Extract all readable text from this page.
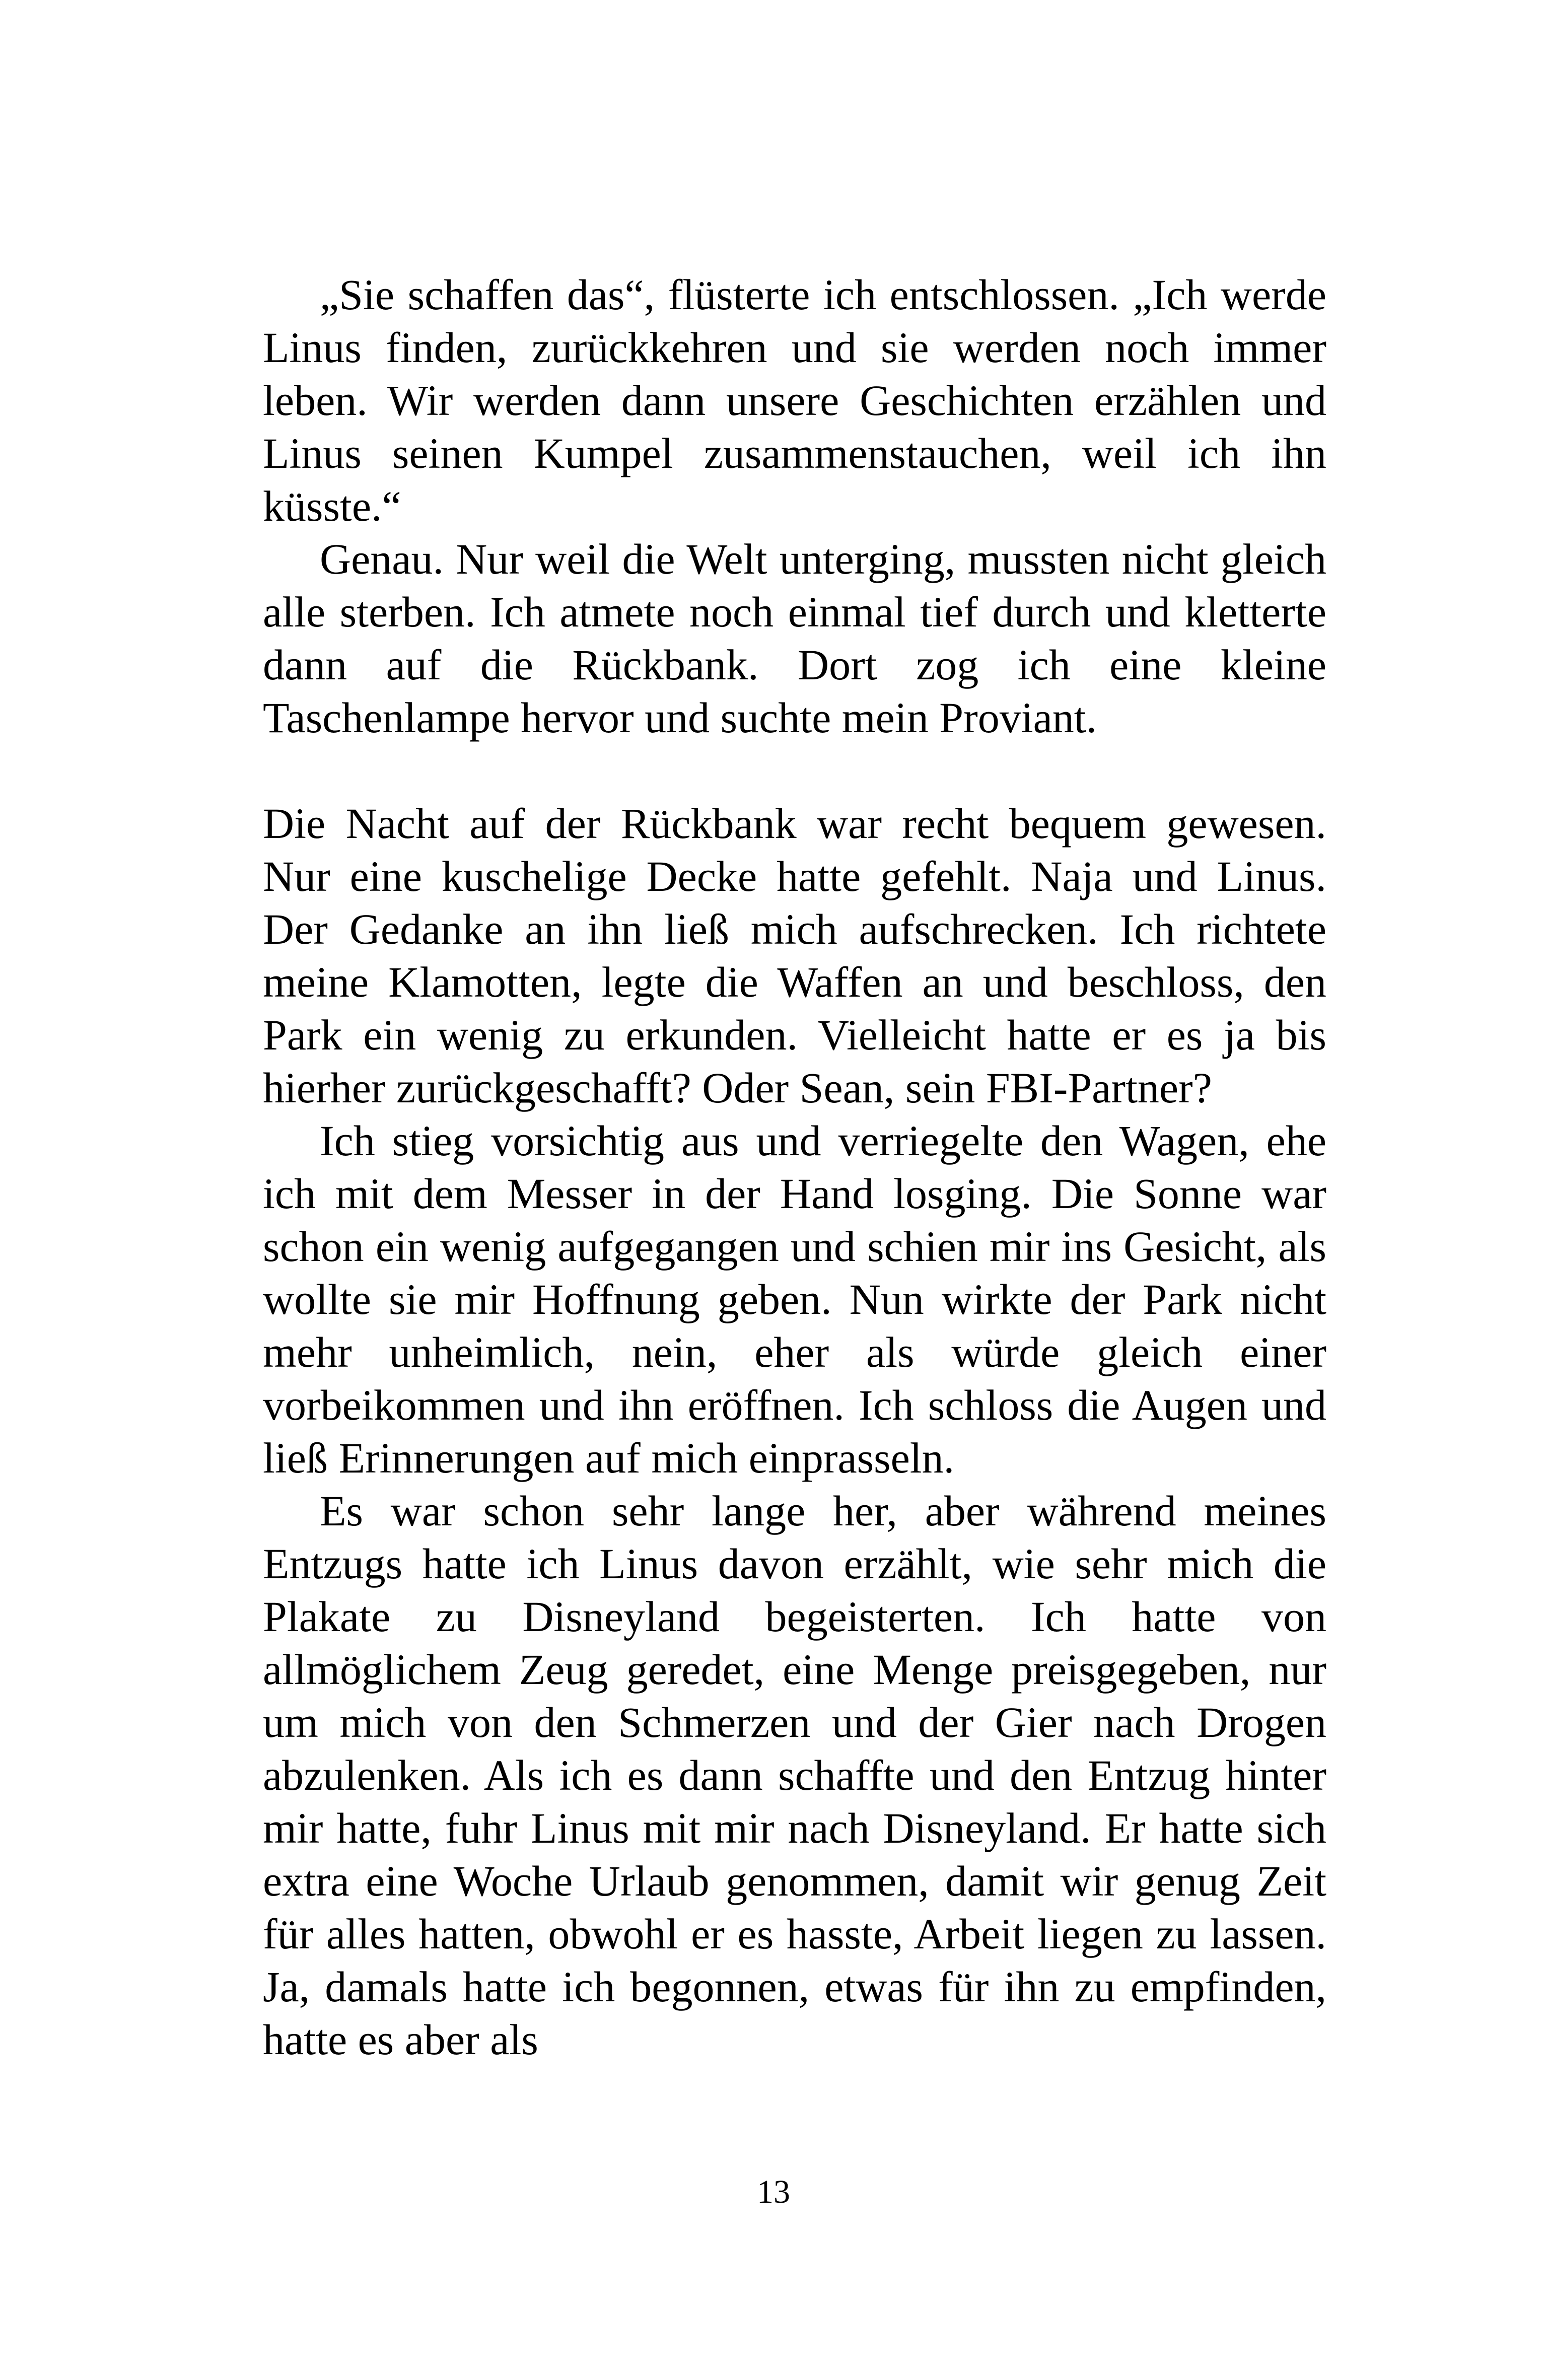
„Sie schaffen das“, flüsterte ich entschlossen. „Ich werde Linus finden, zurückkehren und sie werden noch immer leben. Wir werden dann unsere Geschichten erzählen und Linus seinen Kumpel zusammenstauchen, weil ich ihn küsste.“

Genau. Nur weil die Welt unterging, mussten nicht gleich alle sterben. Ich atmete noch einmal tief durch und kletterte dann auf die Rückbank. Dort zog ich eine kleine Taschenlampe hervor und suchte mein Proviant.

Die Nacht auf der Rückbank war recht bequem gewesen. Nur eine kuschelige Decke hatte gefehlt. Naja und Linus. Der Gedanke an ihn ließ mich aufschrecken. Ich richtete meine Klamotten, legte die Waffen an und beschloss, den Park ein wenig zu erkunden. Vielleicht hatte er es ja bis hierher zurückgeschafft? Oder Sean, sein FBI-Partner?

Ich stieg vorsichtig aus und verriegelte den Wagen, ehe ich mit dem Messer in der Hand losging. Die Sonne war schon ein wenig aufgegangen und schien mir ins Gesicht, als wollte sie mir Hoffnung geben. Nun wirkte der Park nicht mehr unheimlich, nein, eher als würde gleich einer vorbeikommen und ihn eröffnen. Ich schloss die Augen und ließ Erinnerungen auf mich einprasseln.

Es war schon sehr lange her, aber während meines Entzugs hatte ich Linus davon erzählt, wie sehr mich die Plakate zu Disneyland begeisterten. Ich hatte von allmöglichem Zeug geredet, eine Menge preisgegeben, nur um mich von den Schmerzen und der Gier nach Drogen abzulenken. Als ich es dann schaffte und den Entzug hinter mir hatte, fuhr Linus mit mir nach Disneyland. Er hatte sich extra eine Woche Urlaub genommen, damit wir genug Zeit für alles hatten, obwohl er es hasste, Arbeit liegen zu lassen. Ja, damals hatte ich begonnen, etwas für ihn zu empfinden, hatte es aber als

13
